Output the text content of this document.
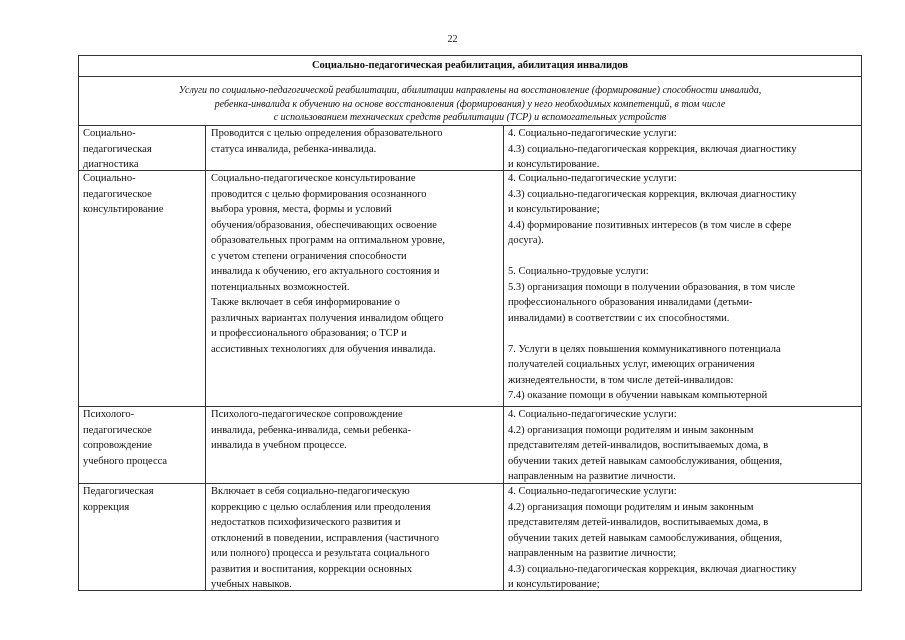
22
Социально-педагогическая реабилитация, абилитация инвалидов
Услуги по социально-педагогической реабилитации, абилитации направлены на восстановление (формирование) способности инвалида,
ребенка-инвалида к обучению на основе восстановления (формирования) у него необходимых компетенций, в том числе
с использованием технических средств реабилитации (ТСР) и вспомогательных устройств
Социально-
педагогическая
диагностика
Проводится с целью определения образовательного
статуса инвалида, ребенка-инвалида.
4. Социально-педагогические услуги:
4.3) социально-педагогическая коррекция, включая диагностику
и консультирование.
Социально-
педагогическое
консультирование
Социально-педагогическое консультирование
проводится с целью формирования осознанного
выбора уровня, места, формы и условий
обучения/образования, обеспечивающих освоение
образовательных программ на оптимальном уровне,
с учетом степени ограничения способности
инвалида к обучению, его актуального состояния и
потенциальных возможностей.
Также включает в себя информирование о
различных вариантах получения инвалидом общего
и профессионального образования; о ТСР и
ассистивных технологиях для обучения инвалида.
4. Социально-педагогические услуги:
4.3) социально-педагогическая коррекция, включая диагностику
и консультирование;
4.4) формирование позитивных интересов (в том числе в сфере
досуга).
5. Социально-трудовые услуги:
5.3) организация помощи в получении образования, в том числе
профессионального образования инвалидами (детьми-
инвалидами) в соответствии с их способностями.
7. Услуги в целях повышения коммуникативного потенциала
получателей социальных услуг, имеющих ограничения
жизнедеятельности, в том числе детей-инвалидов:
7.4) оказание помощи в обучении навыкам компьютерной
Психолого-
педагогическое
сопровождение
учебного процесса
Психолого-педагогическое сопровождение
инвалида, ребенка-инвалида, семьи ребенка-
инвалида в учебном процессе.
4. Социально-педагогические услуги:
4.2) организация помощи родителям и иным законным
представителям детей-инвалидов, воспитываемых дома, в
обучении таких детей навыкам самообслуживания, общения,
направленным на развитие личности.
Педагогическая
коррекция
Включает в себя социально-педагогическую
коррекцию с целью ослабления или преодоления
недостатков психофизического развития и
отклонений в поведении, исправления (частичного
или полного) процесса и результата социального
развития и воспитания, коррекции основных
учебных навыков.
4. Социально-педагогические услуги:
4.2) организация помощи родителям и иным законным
представителям детей-инвалидов, воспитываемых дома, в
обучении таких детей навыкам самообслуживания, общения,
направленным на развитие личности;
4.3) социально-педагогическая коррекция, включая диагностику
и консультирование;
